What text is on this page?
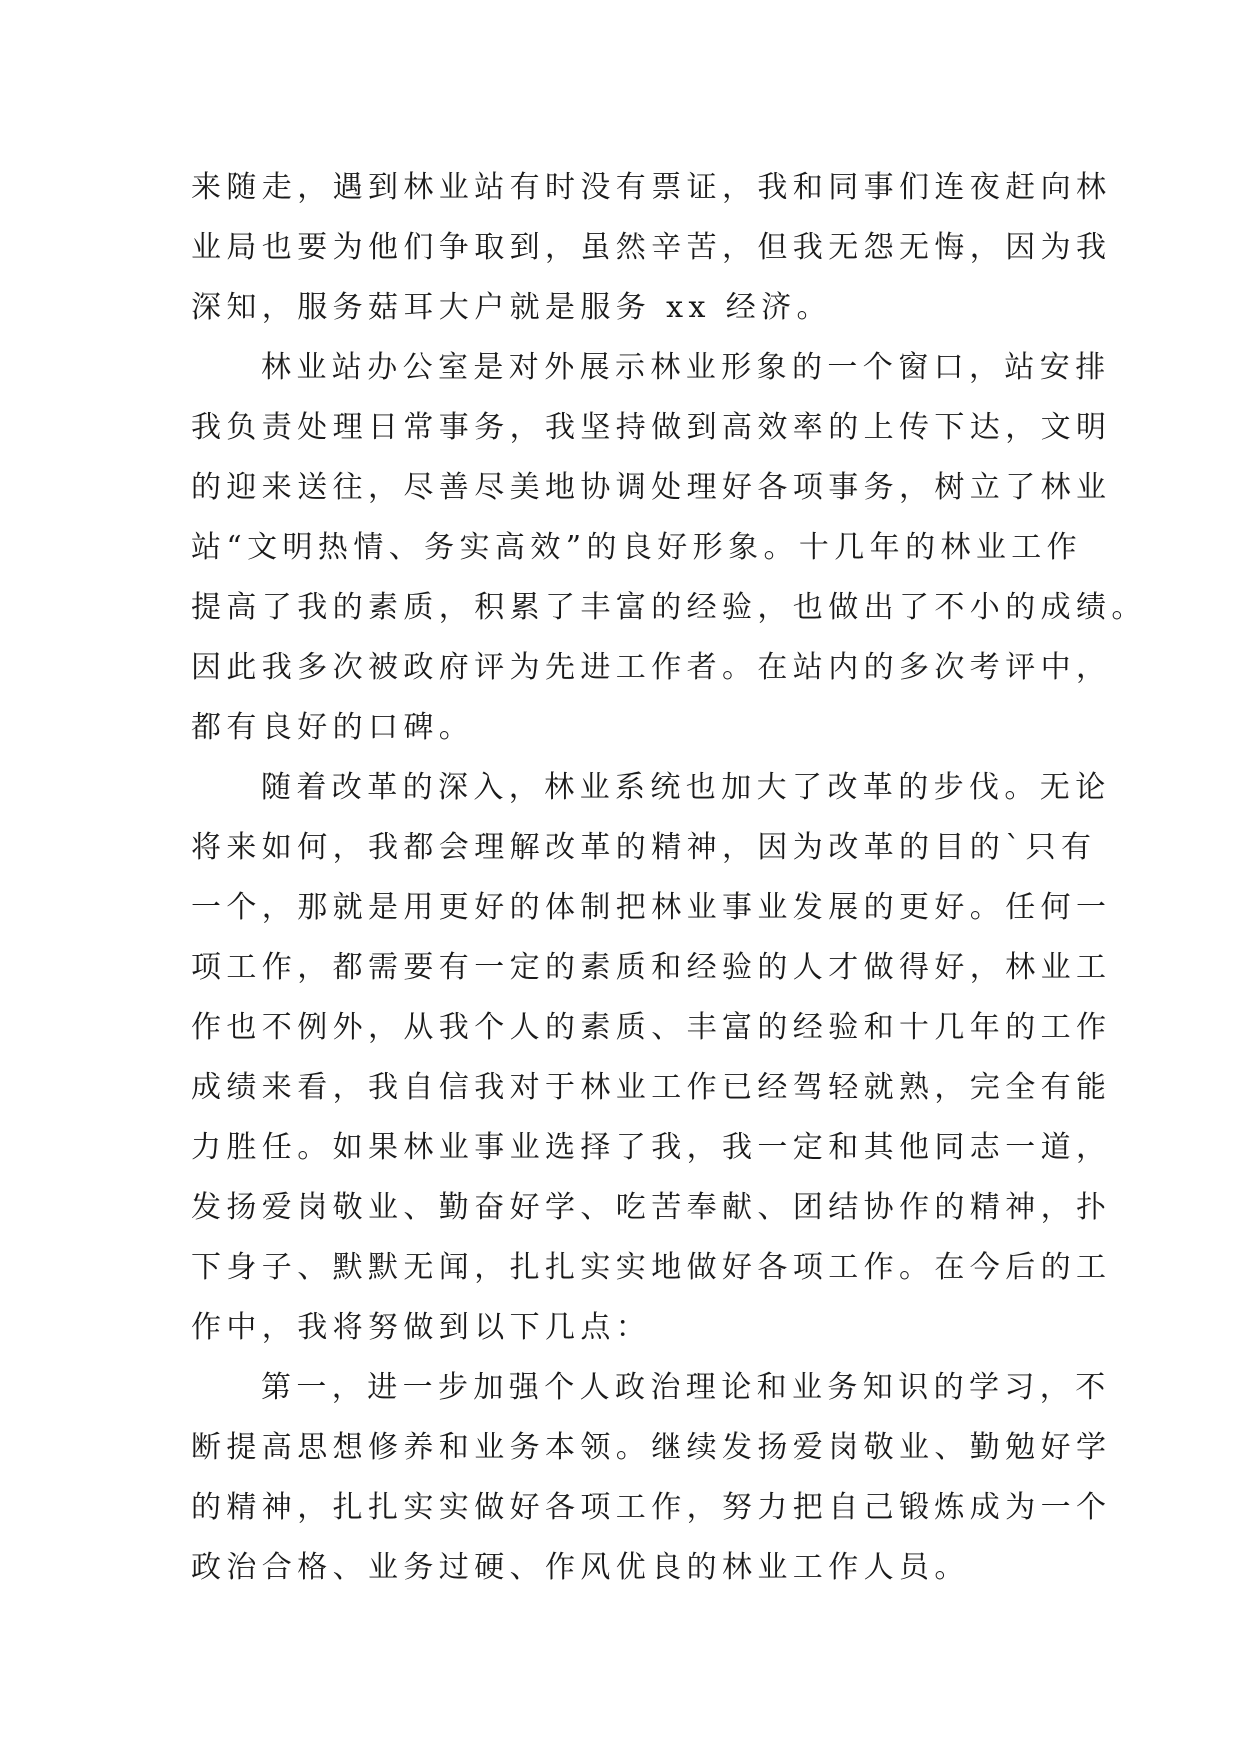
来随走，遇到林业站有时没有票证，我和同事们连夜赶向林
业局也要为他们争取到，虽然辛苦，但我无怨无悔，因为我
深知，服务菇耳大户就是服务 xx 经济。
林业站办公室是对外展示林业形象的一个窗口，站安排
我负责处理日常事务，我坚持做到高效率的上传下达，文明
的迎来送往，尽善尽美地协调处理好各项事务，树立了林业
站“文明热情、务实高效”的良好形象。十几年的林业工作
提高了我的素质，积累了丰富的经验，也做出了不小的成绩。
因此我多次被政府评为先进工作者。在站内的多次考评中，
都有良好的口碑。
随着改革的深入，林业系统也加大了改革的步伐。无论
将来如何，我都会理解改革的精神，因为改革的目的`只有
一个，那就是用更好的体制把林业事业发展的更好。任何一
项工作，都需要有一定的素质和经验的人才做得好，林业工
作也不例外，从我个人的素质、丰富的经验和十几年的工作
成绩来看，我自信我对于林业工作已经驾轻就熟，完全有能
力胜任。如果林业事业选择了我，我一定和其他同志一道，
发扬爱岗敬业、勤奋好学、吃苦奉献、团结协作的精神，扑
下身子、默默无闻，扎扎实实地做好各项工作。在今后的工
作中，我将努做到以下几点：
第一，进一步加强个人政治理论和业务知识的学习，不
断提高思想修养和业务本领。继续发扬爱岗敬业、勤勉好学
的精神，扎扎实实做好各项工作，努力把自己锻炼成为一个
政治合格、业务过硬、作风优良的林业工作人员。
